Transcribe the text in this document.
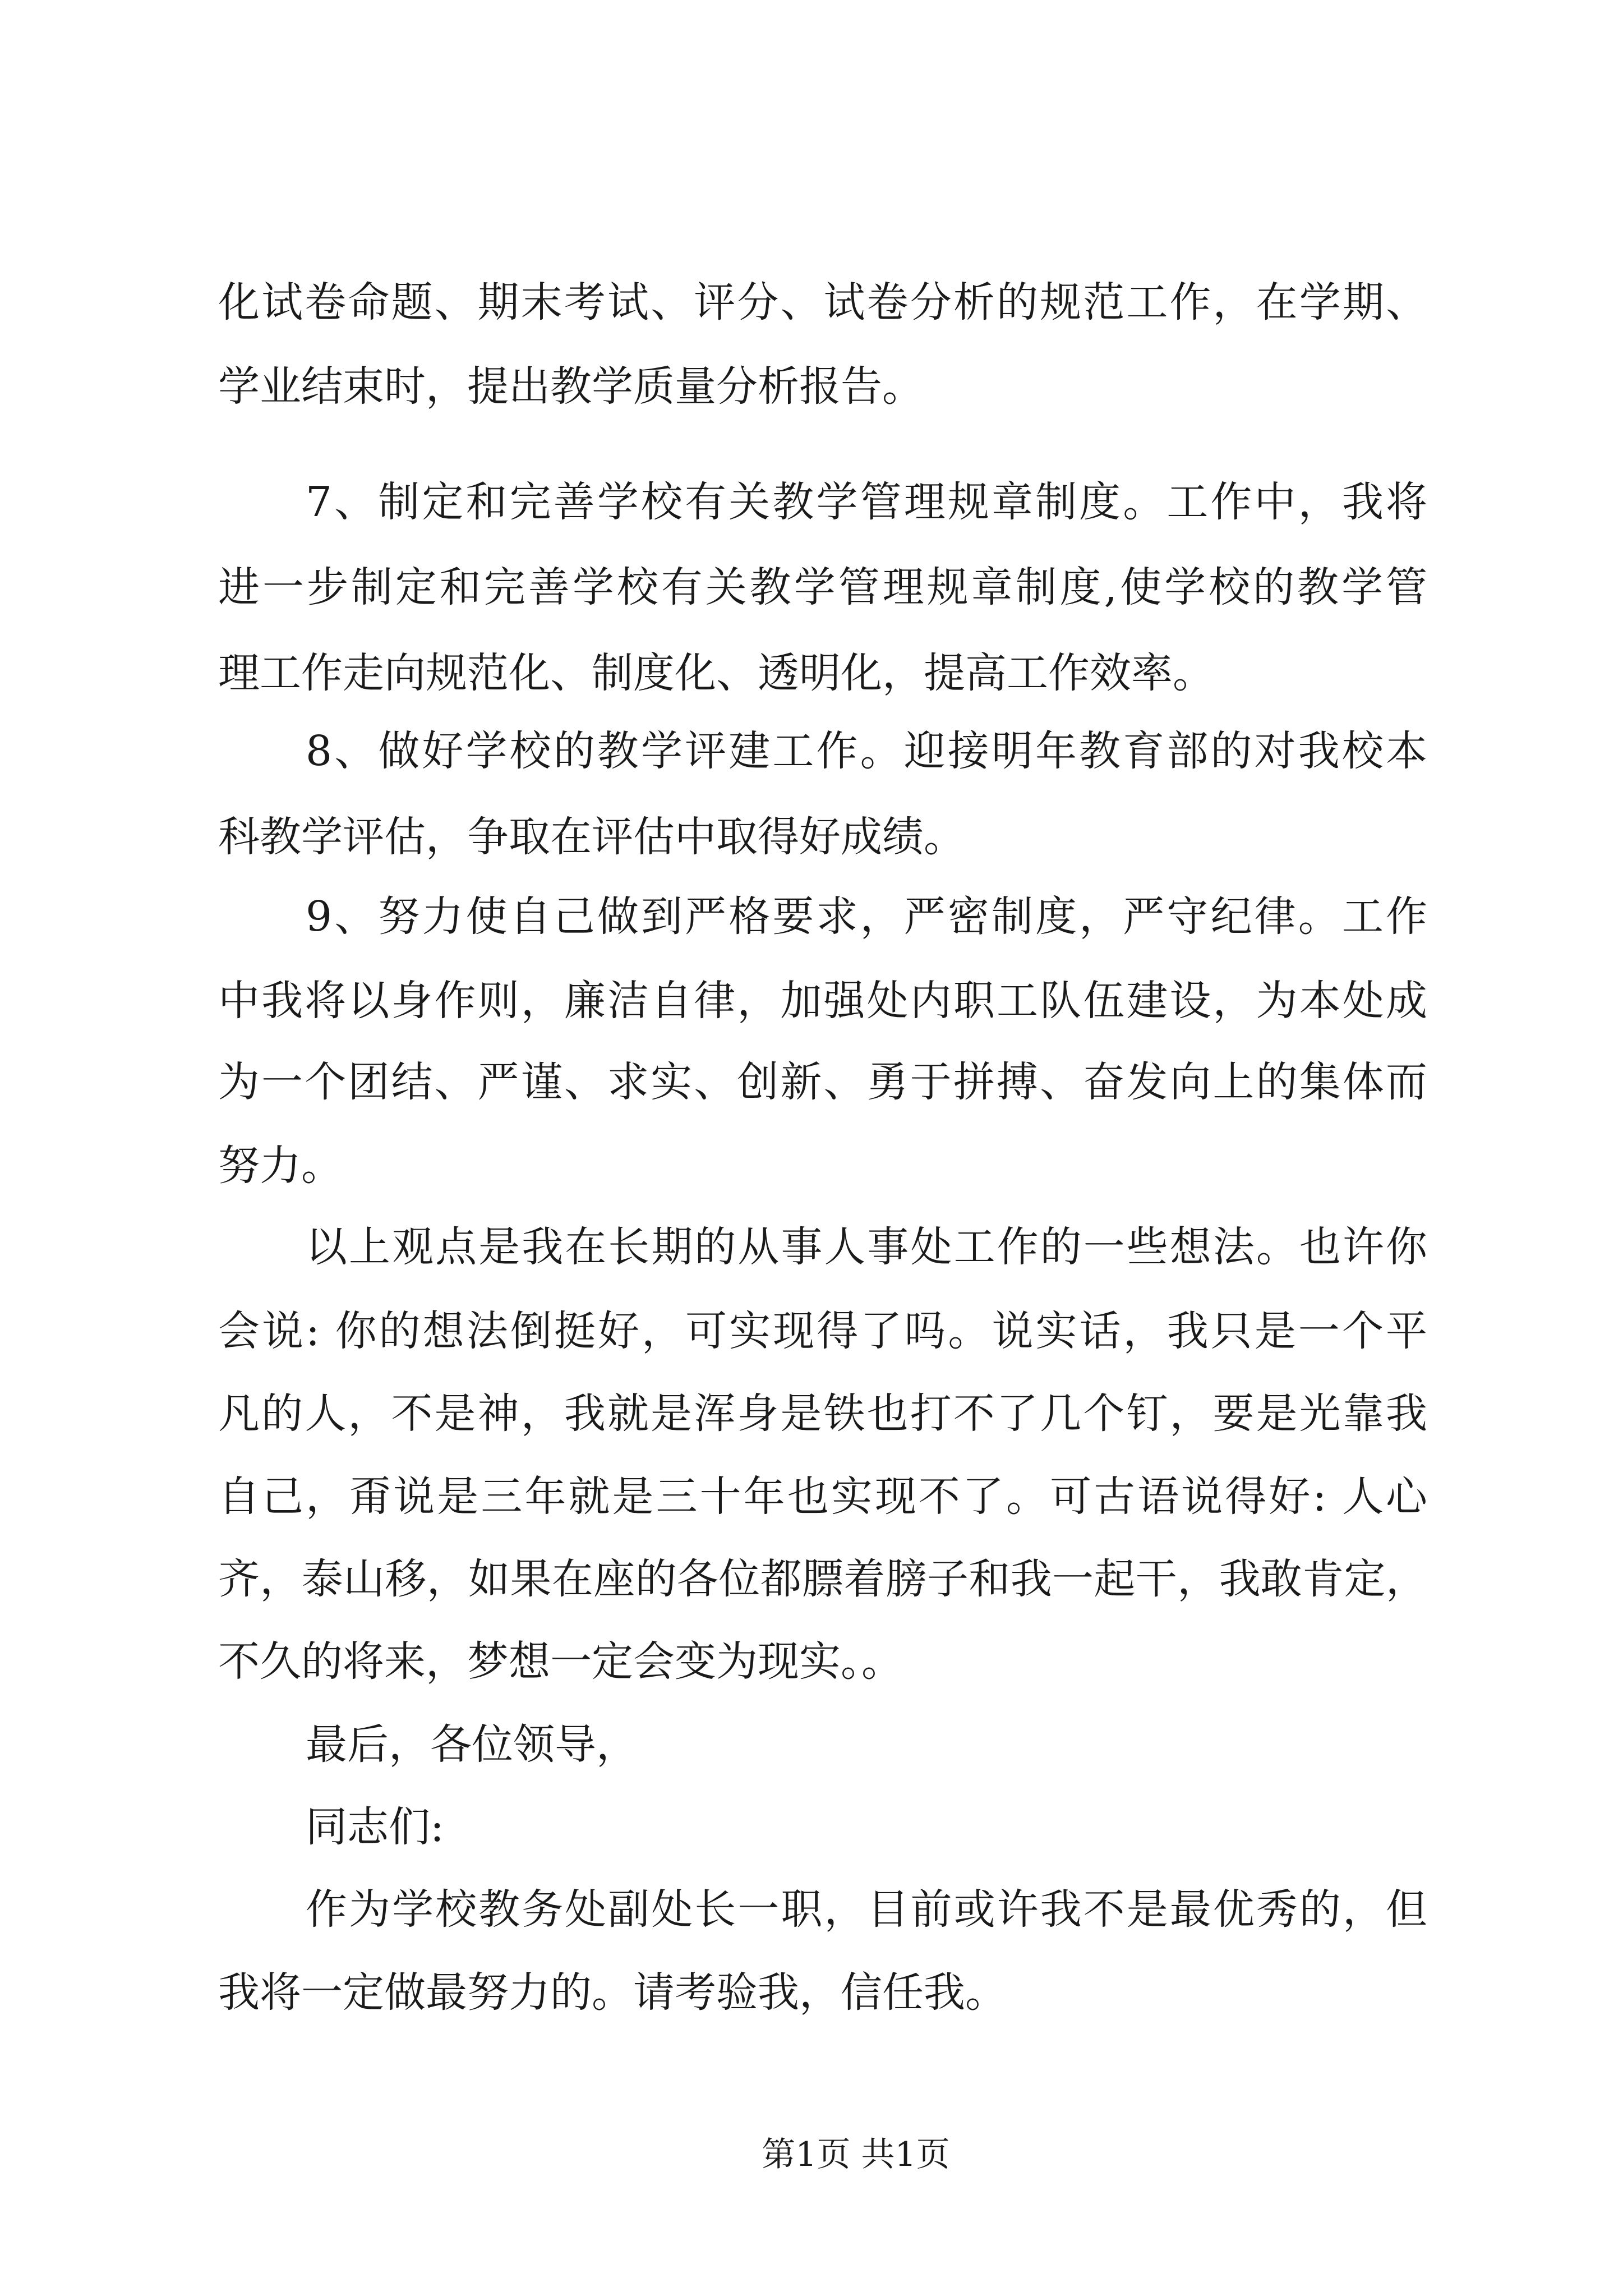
化试卷命题、期末考试、评分、试卷分析的规范工作，在学期、
学业结束时，提出教学质量分析报告。
7、制定和完善学校有关教学管理规章制度。工作中，我将
进一步制定和完善学校有关教学管理规章制度,使学校的教学管
理工作走向规范化、制度化、透明化，提高工作效率。
8、做好学校的教学评建工作。迎接明年教育部的对我校本
科教学评估，争取在评估中取得好成绩。
9、努力使自己做到严格要求，严密制度，严守纪律。工作
中我将以身作则，廉洁自律，加强处内职工队伍建设，为本处成
为一个团结、严谨、求实、创新、勇于拼搏、奋发向上的集体而
努力。
以上观点是我在长期的从事人事处工作的一些想法。也许你
会说: 你的想法倒挺好，可实现得了吗。说实话，我只是一个平
凡的人，不是神，我就是浑身是铁也打不了几个钉，要是光靠我
自己，甭说是三年就是三十年也实现不了。可古语说得好: 人心
齐，泰山移，如果在座的各位都膘着膀子和我一起干，我敢肯定，
不久的将来，梦想一定会变为现实。。
最后，各位领导，
同志们:
作为学校教务处副处长一职，目前或许我不是最优秀的，但
我将一定做最努力的。请考验我，信任我。
第1页 共1页
